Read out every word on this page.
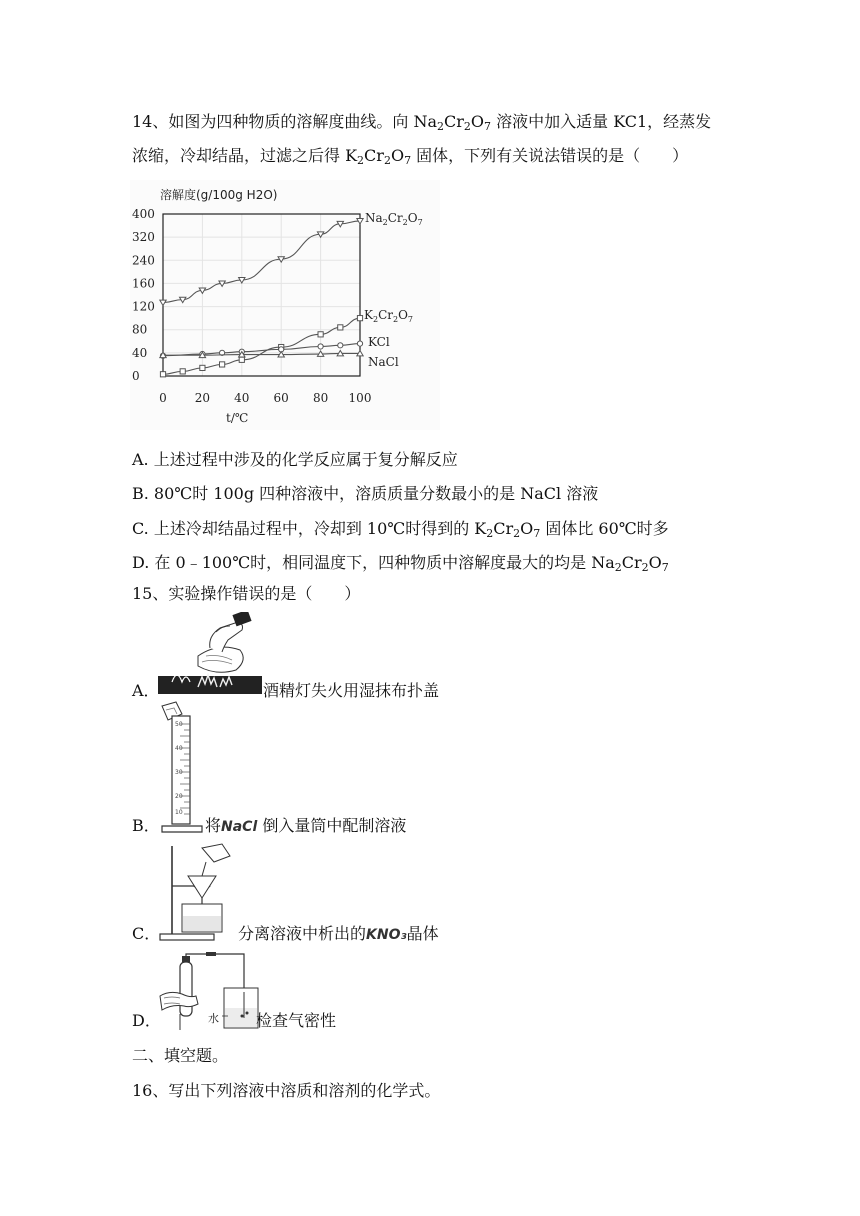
14、如图为四种物质的溶解度曲线。向 $Na_2Cr_2O_7$ 溶液中加入适量 KC1，经蒸发
浓缩，冷却结晶，过滤之后得 $K_2Cr_2O_7$ 固体，下列有关说法错误的是（　　）
溶解度(g/100g H2O)
0 20 40 60 80 100
0
40
80
120
160
240
320
400	$Na_2Cr_2O_7$
$K_2Cr_2O_7$
KCl
NaCl
t/℃
A. 上述过程中涉及的化学反应属于复分解反应
B. 80℃时 100g 四种溶液中，溶质质量分数最小的是 NaCl 溶液
C. 上述冷却结晶过程中，冷却到 10℃时得到的 $K_2Cr_2O_7$ 固体比 60℃时多
D. 在 0﹣100℃时，相同温度下，四种物质中溶解度最大的均是 $Na_2Cr_2O_7$
15、实验操作错误的是（　　）
A．	酒精灯失火用湿抹布扑盖
50
40
30
20
10
B．	将NaCl 倒入量筒中配制溶液
C．	分离溶液中析出的KNO₃晶体
水
D．	检查气密性
二、填空题。
16、写出下列溶液中溶质和溶剂的化学式。
